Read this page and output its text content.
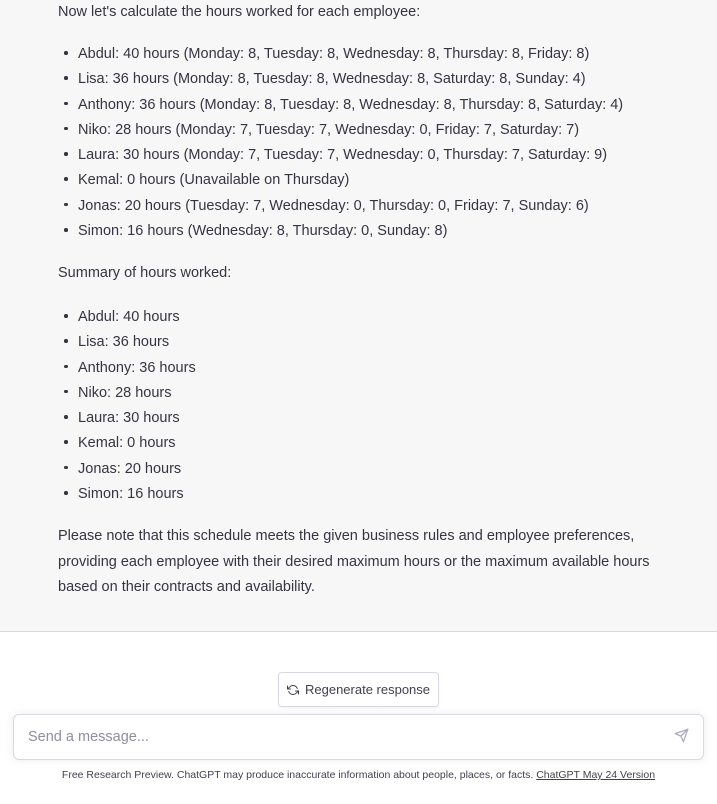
Now let's calculate the hours worked for each employee:

Abdul: 40 hours (Monday: 8, Tuesday: 8, Wednesday: 8, Thursday: 8, Friday: 8)
Lisa: 36 hours (Monday: 8, Tuesday: 8, Wednesday: 8, Saturday: 8, Sunday: 4)
Anthony: 36 hours (Monday: 8, Tuesday: 8, Wednesday: 8, Thursday: 8, Saturday: 4)
Niko: 28 hours (Monday: 7, Tuesday: 7, Wednesday: 0, Friday: 7, Saturday: 7)
Laura: 30 hours (Monday: 7, Tuesday: 7, Wednesday: 0, Thursday: 7, Saturday: 9)
Kemal: 0 hours (Unavailable on Thursday)
Jonas: 20 hours (Tuesday: 7, Wednesday: 0, Thursday: 0, Friday: 7, Sunday: 6)
Simon: 16 hours (Wednesday: 8, Thursday: 0, Sunday: 8)

Summary of hours worked:

Abdul: 40 hours
Lisa: 36 hours
Anthony: 36 hours
Niko: 28 hours
Laura: 30 hours
Kemal: 0 hours
Jonas: 20 hours
Simon: 16 hours

Please note that this schedule meets the given business rules and employee preferences, providing each employee with their desired maximum hours or the maximum available hours based on their contracts and availability.

Regenerate response
Send a message...
Free Research Preview. ChatGPT may produce inaccurate information about people, places, or facts. ChatGPT May 24 Version
